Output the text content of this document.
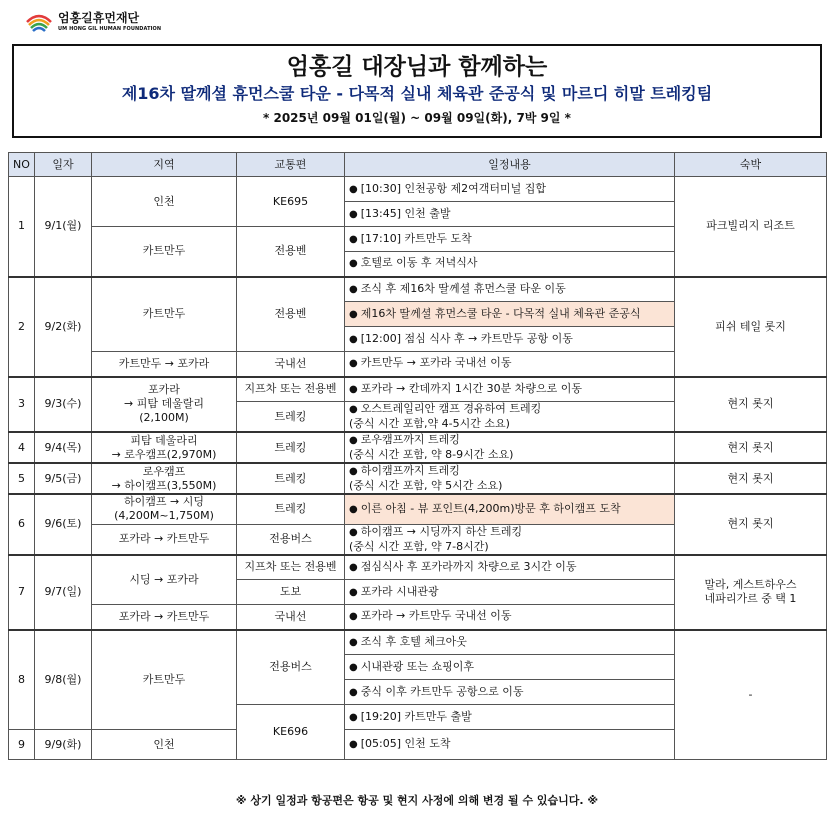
엄홍길휴먼재단
UM HONG GIL HUMAN FOUNDATION
엄홍길 대장님과 함께하는
제16차 딸께셜 휴먼스쿨 타운 - 다목적 실내 체육관 준공식 및 마르디 히말 트레킹팀
* 2025년 09월 01일(월) ~ 09월 09일(화), 7박 9일 *
NO	일자	지역	교통편	일정내용	숙박
1	9/1(월)	인천	KE695	● [10:30] 인천공항 제2여객터미널 집합	파크빌리지 리조트
				● [13:45] 인천 출발	
		카트만두	전용벤	● [17:10] 카트만두 도착	
				● 호텔로 이동 후 저녁식사	
2	9/2(화)	카트만두	전용벤	● 조식 후 제16차 딸께셜 휴먼스쿨 타운 이동	피쉬 테일 롯지
				● 제16차 딸께셜 휴먼스쿨 타운 - 다목적 실내 체육관 준공식	
				● [12:00] 점심 식사 후 → 카트만두 공항 이동	
		카트만두 → 포카라	국내선	● 카트만두 → 포카라 국내선 이동	
3	9/3(수)	포카라
→ 피탐 데울랄리
(2,100M)	지프차 또는 전용벤	● 포카라 → 칸데까지 1시간 30분 차량으로 이동	현지 롯지
			트레킹	● 오스트레일리안 캠프 경유하여 트레킹
(중식 시간 포함,약 4-5시간 소요)	
4	9/4(목)	피탐 데울라리
→ 로우캠프(2,970M)	트레킹	● 로우캠프까지 트레킹
(중식 시간 포함, 약 8-9시간 소요)	현지 롯지
5	9/5(금)	로우캠프
→ 하이캠프(3,550M)	트레킹	● 하이캠프까지 트레킹
(중식 시간 포함, 약 5시간 소요)	현지 롯지
6	9/6(토)	하이캠프 → 시딩
(4,200M~1,750M)	트레킹	● 이른 아침 - 뷰 포인트(4,200m)방문 후 하이캠프 도착	현지 롯지
		포카라 → 카트만두	전용버스	● 하이캠프 → 시딩까지 하산 트레킹
(중식 시간 포함, 약 7-8시간)	
7	9/7(일)	시딩 → 포카라	지프차 또는 전용벤	● 점심식사 후 포카라까지 차량으로 3시간 이동	말라, 게스트하우스
네파리가르 중 택 1
			도보	● 포카라 시내관광	
		포카라 → 카트만두	국내선	● 포카라 → 카트만두 국내선 이동	
8	9/8(월)	카트만두	전용버스	● 조식 후 호텔 체크아웃	-
				● 시내관광 또는 쇼핑이후	
				● 중식 이후 카트만두 공항으로 이동	
			KE696	● [19:20] 카트만두 출발	
9	9/9(화)	인천		● [05:05] 인천 도착	
※ 상기 일정과 항공편은 항공 및 현지 사정에 의해 변경 될 수 있습니다. ※
